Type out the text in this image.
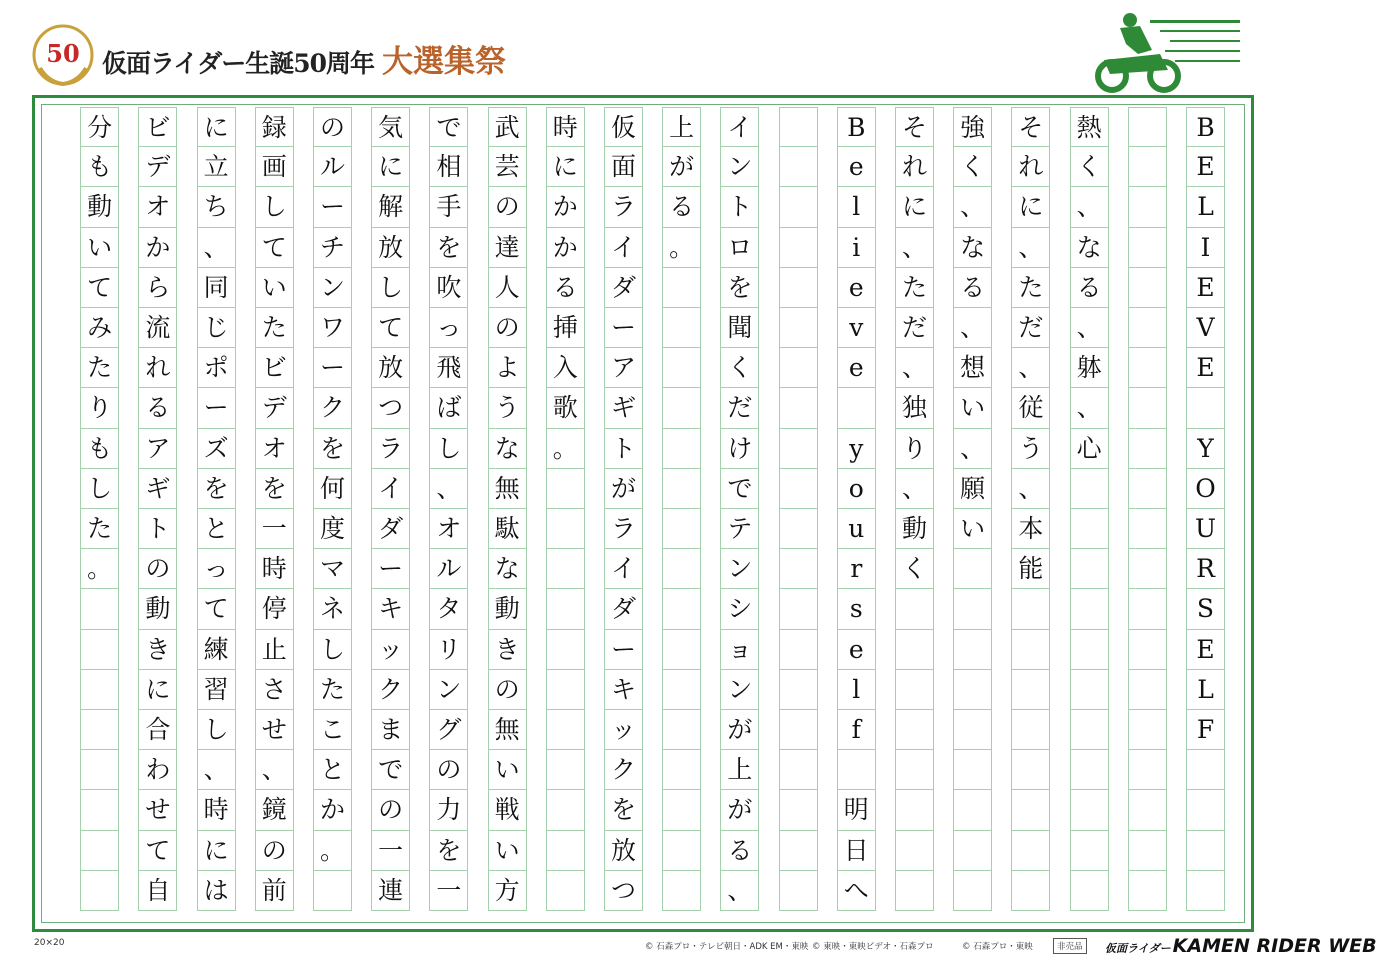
50 仮面ライダー生誕50周年 大選集祭
B
E
L
I
E
V
E
Y
O
U
R
S
E
L
F
熱
く
、
な
る
、
躰
、
心
そ
れ
に
、
た
だ
、
従
う
、
本
能
強
く
、
な
る
、
想
い
、
願
い
そ
れ
に
、
た
だ
、
独
り
、
動
く
B
e
l
i
e
v
e
y
o
u
r
s
e
l
f
明
日
へ
イ
ン
ト
ロ
を
聞
く
だ
け
で
テ
ン
シ
ョ
ン
が
上
が
る
、
上
が
る
。
仮
面
ラ
イ
ダ
ー
ア
ギ
ト
が
ラ
イ
ダ
ー
キ
ッ
ク
を
放
つ
時
に
か
か
る
挿
入
歌
。
武
芸
の
達
人
の
よ
う
な
無
駄
な
動
き
の
無
い
戦
い
方
で
相
手
を
吹
っ
飛
ば
し
、
オ
ル
タ
リ
ン
グ
の
力
を
一
気
に
解
放
し
て
放
つ
ラ
イ
ダ
ー
キ
ッ
ク
ま
で
の
一
連
の
ル
ー
チ
ン
ワ
ー
ク
を
何
度
マ
ネ
し
た
こ
と
か
。
録
画
し
て
い
た
ビ
デ
オ
を
一
時
停
止
さ
せ
、
鏡
の
前
に
立
ち
、
同
じ
ポ
ー
ズ
を
と
っ
て
練
習
し
、
時
に
は
ビ
デ
オ
か
ら
流
れ
る
ア
ギ
ト
の
動
き
に
合
わ
せ
て
自
分
も
動
い
て
み
た
り
も
し
た
。
20×20	© 石森プロ・テレビ朝日・ADK EM・東映 © 東映・東映ビデオ・石森プロ	© 石森プロ・東映	非売品	仮面ライダー KAMEN RIDER WEB
